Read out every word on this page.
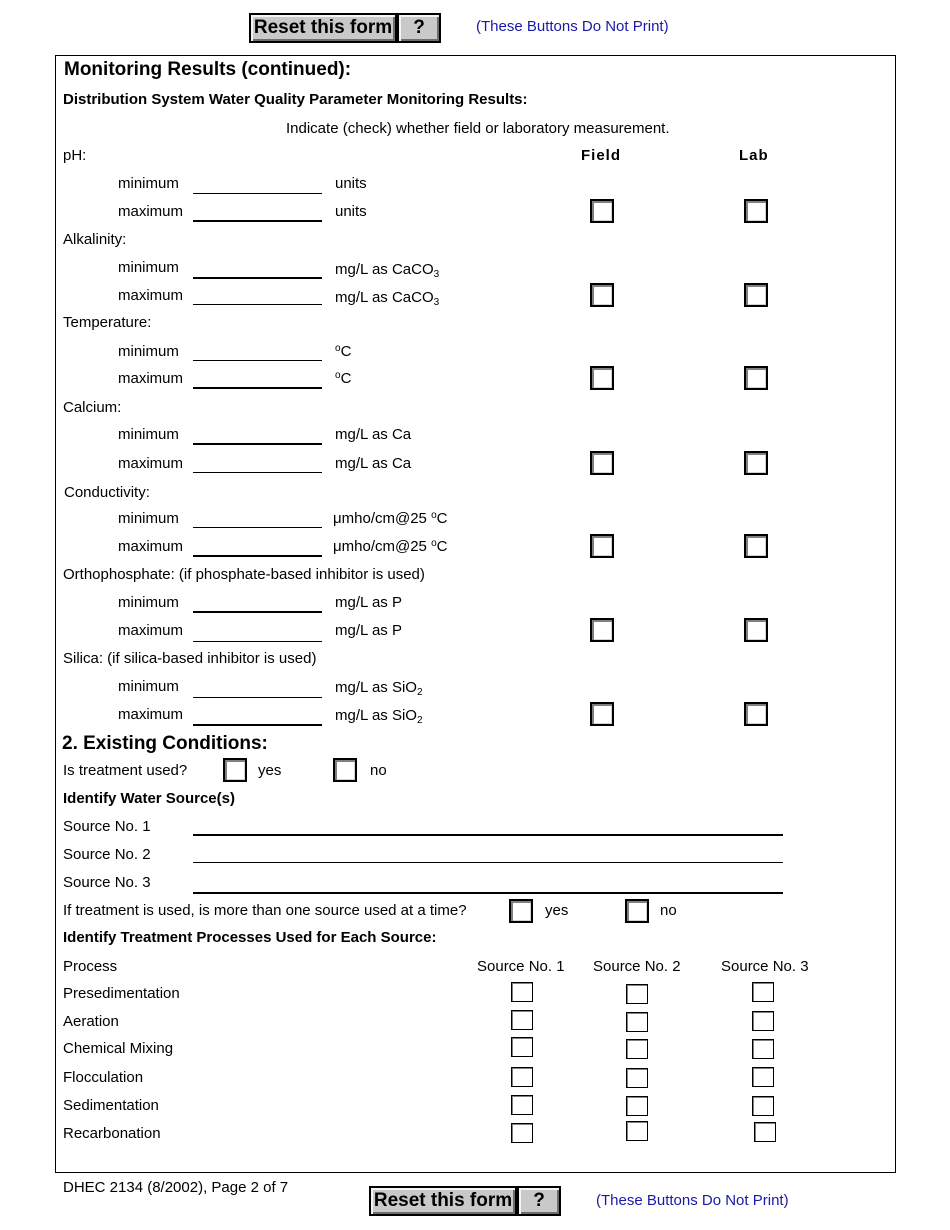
Reset this form	?	(These Buttons Do Not Print)
Monitoring Results (continued):
Distribution System Water Quality Parameter Monitoring Results:
Indicate (check) whether field or laboratory measurement.
Field	Lab
pH:
minimum	units
maximum	units
Alkalinity:
minimum	mg/L as CaCO$_3$
maximum	mg/L as CaCO$_3$
Temperature:
minimum	$^o$C
maximum	$^o$C
Calcium:
minimum	mg/L as Ca
maximum	mg/L as Ca
Conductivity:
minimum	μmho/cm@25 $^o$C
maximum	μmho/cm@25 $^o$C
Orthophosphate: (if phosphate-based inhibitor is used)
minimum	mg/L as P
maximum	mg/L as P
Silica: (if silica-based inhibitor is used)
minimum	mg/L as SiO$_2$
maximum	mg/L as SiO$_2$
2. Existing Conditions:
Is treatment used?	yes	no
Identify Water Source(s)
Source No. 1
Source No. 2
Source No. 3
If treatment is used, is more than one source used at a time?	yes	no
Identify Treatment Processes Used for Each Source:
Process	Source No. 1 Source No. 2	Source No. 3
Presedimentation
Aeration
Chemical Mixing
Flocculation
Sedimentation
Recarbonation
DHEC 2134 (8/2002), Page 2 of 7
Reset this form	?	(These Buttons Do Not Print)
